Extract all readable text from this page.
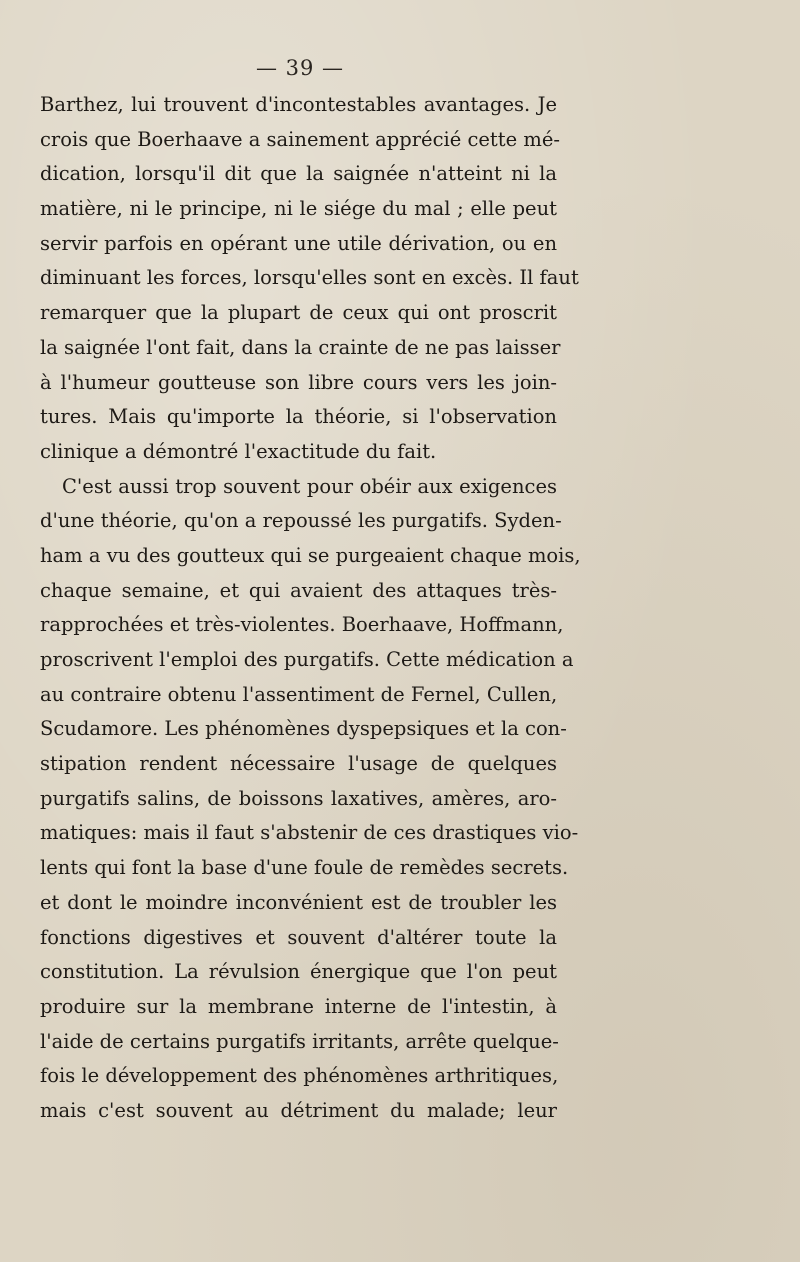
— 39 —
Barthez, lui trouvent d'incontestables avantages. Je
crois que Boerhaave a sainement apprécié cette mé-
dication, lorsqu'il dit que la saignée n'atteint ni la
matière, ni le principe, ni le siége du mal ; elle peut
servir parfois en opérant une utile dérivation, ou en
diminuant les forces, lorsqu'elles sont en excès. Il faut
remarquer que la plupart de ceux qui ont proscrit
la saignée l'ont fait, dans la crainte de ne pas laisser
à l'humeur goutteuse son libre cours vers les join-
tures. Mais qu'importe la théorie, si l'observation
clinique a démontré l'exactitude du fait.
C'est aussi trop souvent pour obéir aux exigences
d'une théorie, qu'on a repoussé les purgatifs. Syden-
ham a vu des goutteux qui se purgeaient chaque mois,
chaque semaine, et qui avaient des attaques très-
rapprochées et très-violentes. Boerhaave, Hoffmann,
proscrivent l'emploi des purgatifs. Cette médication a
au contraire obtenu l'assentiment de Fernel, Cullen,
Scudamore. Les phénomènes dyspepsiques et la con-
stipation rendent nécessaire l'usage de quelques
purgatifs salins, de boissons laxatives, amères, aro-
matiques: mais il faut s'abstenir de ces drastiques vio-
lents qui font la base d'une foule de remèdes secrets.
et dont le moindre inconvénient est de troubler les
fonctions digestives et souvent d'altérer toute la
constitution. La révulsion énergique que l'on peut
produire sur la membrane interne de l'intestin, à
l'aide de certains purgatifs irritants, arrête quelque-
fois le développement des phénomènes arthritiques,
mais c'est souvent au détriment du malade; leur
